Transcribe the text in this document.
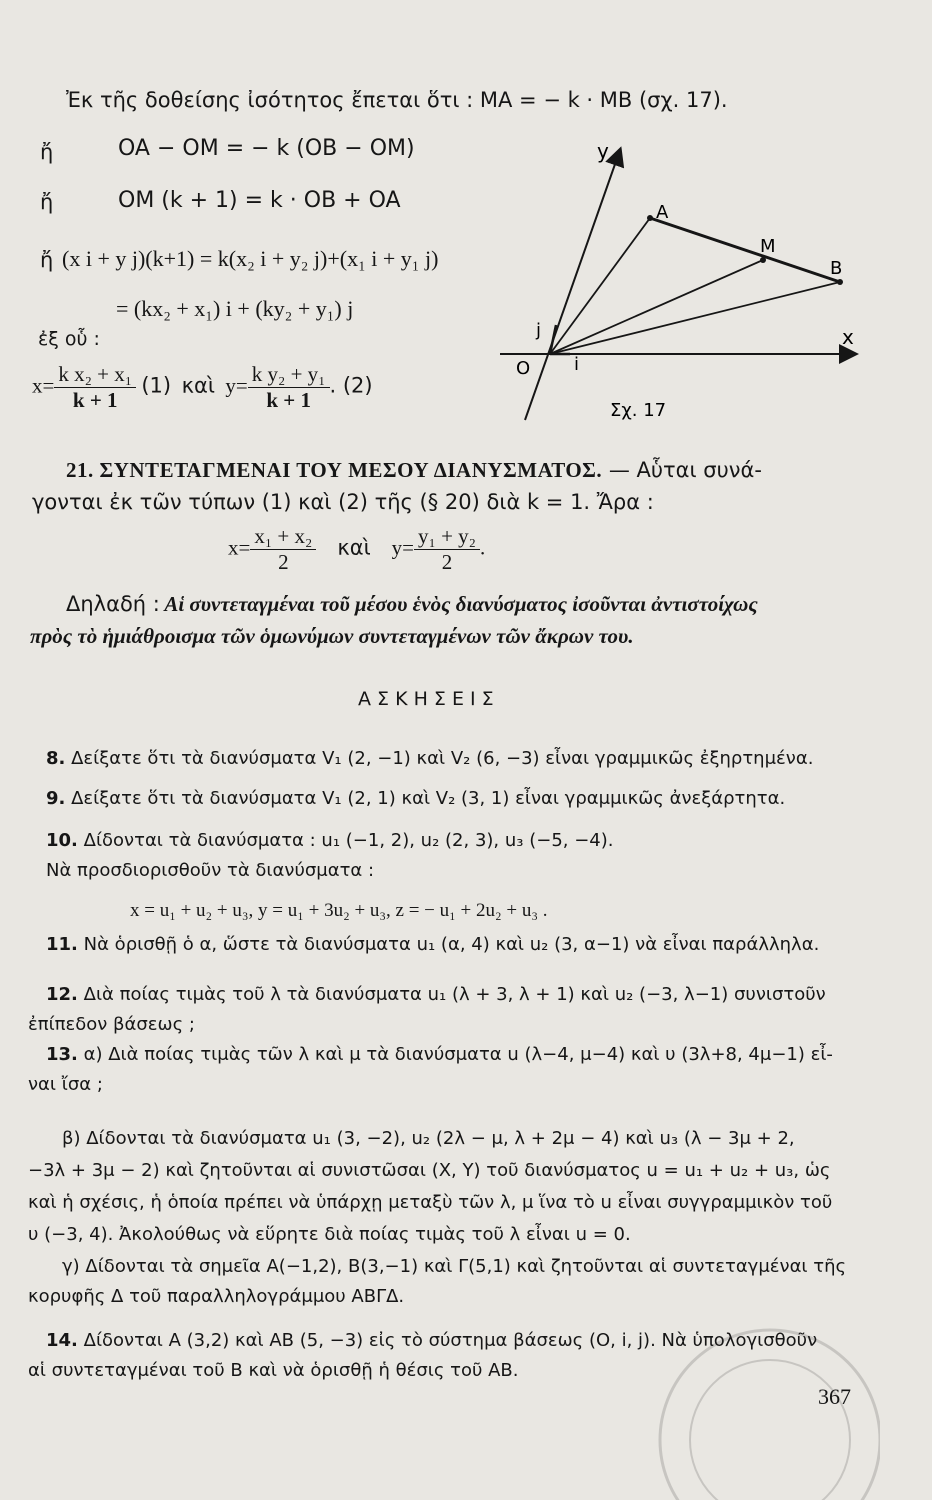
Ἐκ τῆς δοθείσης ἰσότητος ἔπεται ὅτι : MA = − k · MB (σχ. 17).
ἤ	OA − OM = − k (OB − OM)
ἤ	OM (k + 1) = k · OB + OA
ἤ (x i + y j)(k+1) = k(x₂ i + y₂ j)+(x₁ i + y₁ j)
= (kx₂ + x₁) i + (ky₂ + y₁) j
ἐξ οὗ :
$x= \frac{\text{k x₂ + x₁}}{k + 1} (1)$ καὶ $y= \frac{\text{k y₂ + y₁}}{k + 1}$ . (2)
y
x
O
A
M
B
i
j
Σχ. 17
21. ΣΥΝΤΕΤΑΓΜΕΝΑΙ ΤΟΥ ΜΕΣΟΥ ΔΙΑΝΥΣΜΑΤΟΣ. — Αὗται συνά-
γονται ἐκ τῶν τύπων (1) καὶ (2) τῆς (§ 20) διὰ k = 1. Ἄρα :
$x= \frac{\text{x₁ + x₂}}{2}$ καὶ $y= \frac{\text{y₁ + y₂}}{2}$ .
Δηλαδή : Αἱ συντεταγμέναι τοῦ μέσου ἑνὸς διανύσματος ἰσοῦνται ἀντιστοίχως
πρὸς τὸ ἡμιάθροισμα τῶν ὁμωνύμων συντεταγμένων τῶν ἄκρων του.
Α Σ Κ Η Σ Ε Ι Σ
8. Δείξατε ὅτι τὰ διανύσματα V₁ (2, −1) καὶ V₂ (6, −3) εἶναι γραμμικῶς ἐξηρτημένα.
9. Δείξατε ὅτι τὰ διανύσματα V₁ (2, 1) καὶ V₂ (3, 1) εἶναι γραμμικῶς ἀνεξάρτητα.
10. Δίδονται τὰ διανύσματα : u₁ (−1, 2), u₂ (2, 3), u₃ (−5, −4).
Νὰ προσδιορισθοῦν τὰ διανύσματα :
x = u₁ + u₂ + u₃, y = u₁ + 3u₂ + u₃, z = − u₁ + 2u₂ + u₃ .
11. Νὰ ὁρισθῇ ὁ α, ὥστε τὰ διανύσματα u₁ (α, 4) καὶ u₂ (3, α−1) νὰ εἶναι παράλληλα.
12. Διὰ ποίας τιμὰς τοῦ λ τὰ διανύσματα u₁ (λ + 3, λ + 1) καὶ u₂ (−3, λ−1) συνιστοῦν
ἐπίπεδον βάσεως ;
13. α) Διὰ ποίας τιμὰς τῶν λ καὶ μ τὰ διανύσματα u (λ−4, μ−4) καὶ υ (3λ+8, 4μ−1) εἶ-
ναι ἴσα ;
β) Δίδονται τὰ διανύσματα u₁ (3, −2), u₂ (2λ − μ, λ + 2μ − 4) καὶ u₃ (λ − 3μ + 2,
−3λ + 3μ − 2) καὶ ζητοῦνται αἱ συνιστῶσαι (X, Y) τοῦ διανύσματος u = u₁ + u₂ + u₃, ὡς
καὶ ἡ σχέσις, ἡ ὁποία πρέπει νὰ ὑπάρχῃ μεταξὺ τῶν λ, μ ἵνα τὸ u εἶναι συγγραμμικὸν τοῦ
υ (−3, 4). Ἀκολούθως νὰ εὕρητε διὰ ποίας τιμὰς τοῦ λ εἶναι u = 0.
γ) Δίδονται τὰ σημεῖα Α(−1,2), Β(3,−1) καὶ Γ(5,1) καὶ ζητοῦνται αἱ συντεταγμέναι τῆς
κορυφῆς Δ τοῦ παραλληλογράμμου ΑΒΓΔ.
14. Δίδονται Α (3,2) καὶ ΑΒ (5, −3) εἰς τὸ σύστημα βάσεως (Ο, i, j). Νὰ ὑπολογισθοῦν
αἱ συντεταγμέναι τοῦ Β καὶ νὰ ὁρισθῇ ἡ θέσις τοῦ ΑΒ.
367
